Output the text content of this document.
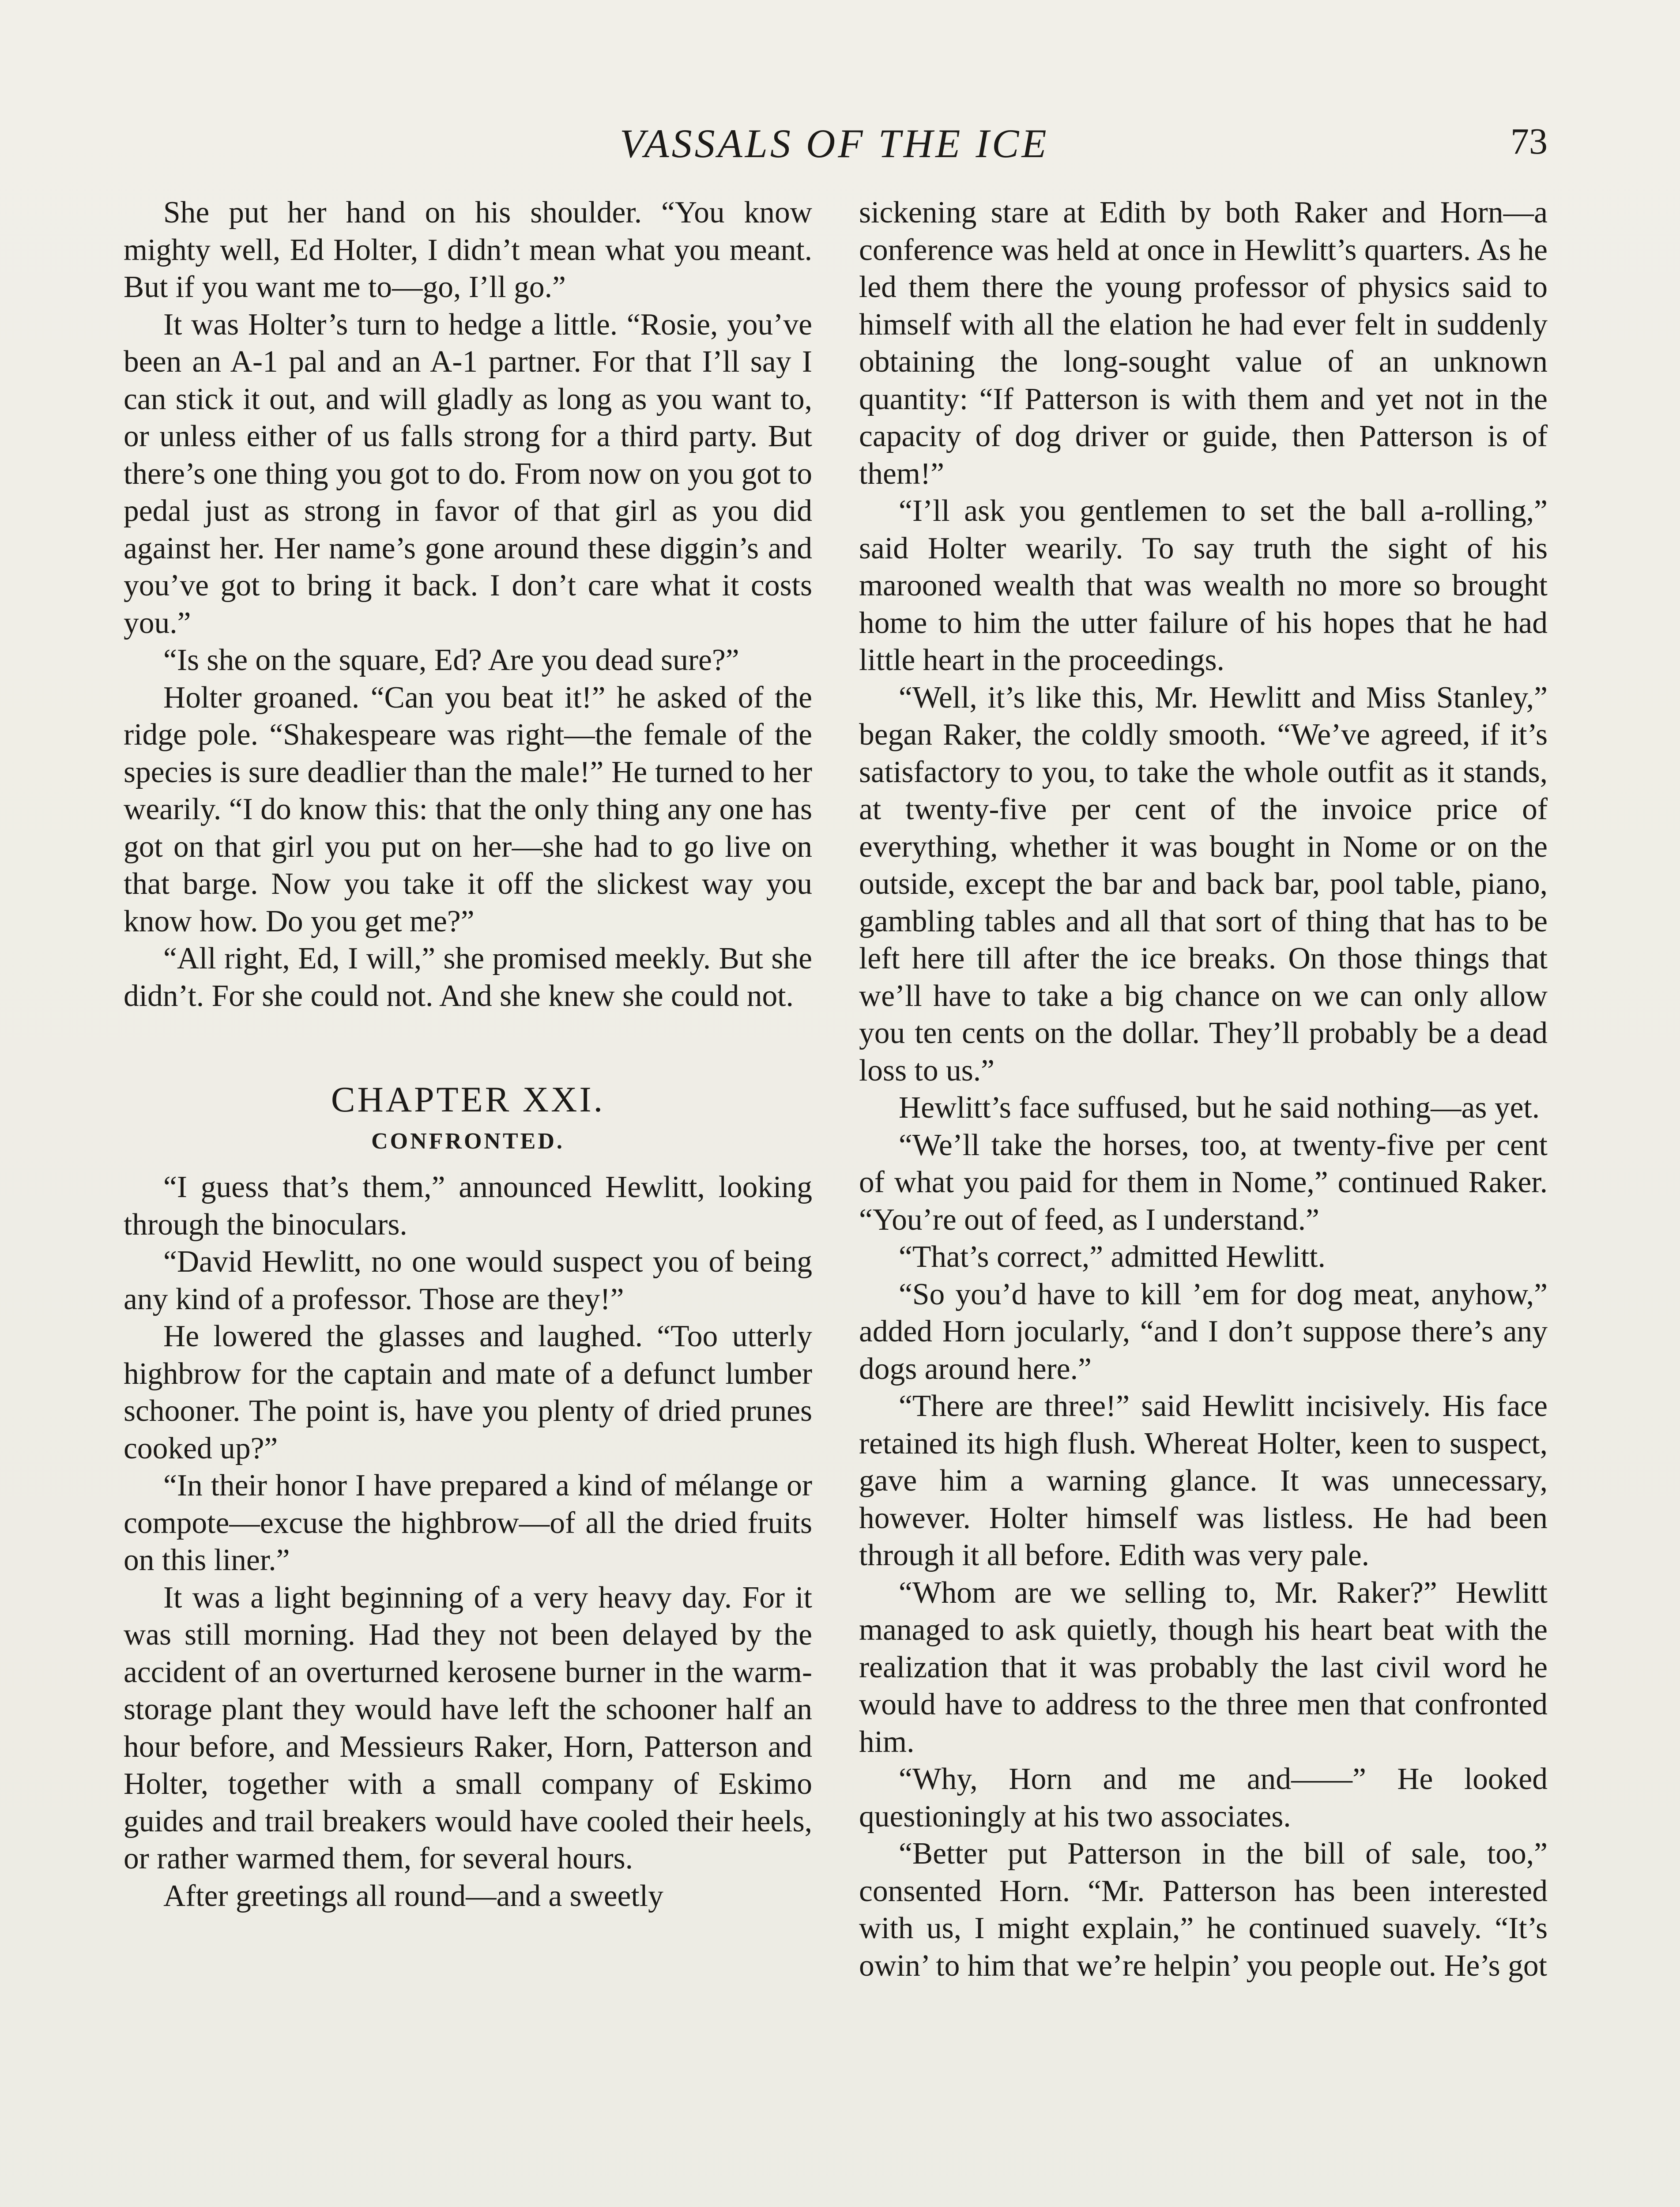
VASSALS OF THE ICE	73

She put her hand on his shoulder. “You know mighty well, Ed Holter, I didn’t mean what you meant. But if you want me to—go, I’ll go.”

It was Holter’s turn to hedge a little. “Rosie, you’ve been an A-1 pal and an A-1 partner. For that I’ll say I can stick it out, and will gladly as long as you want to, or unless either of us falls strong for a third party. But there’s one thing you got to do. From now on you got to pedal just as strong in favor of that girl as you did against her. Her name’s gone around these diggin’s and you’ve got to bring it back. I don’t care what it costs you.”

“Is she on the square, Ed? Are you dead sure?”

Holter groaned. “Can you beat it!” he asked of the ridge pole. “Shakespeare was right—the female of the species is sure deadlier than the male!” He turned to her wearily. “I do know this: that the only thing any one has got on that girl you put on her—she had to go live on that barge. Now you take it off the slickest way you know how. Do you get me?”

“All right, Ed, I will,” she promised meekly. But she didn’t. For she could not. And she knew she could not.

CHAPTER XXI.

CONFRONTED.

“I guess that’s them,” announced Hewlitt, looking through the binoculars.

“David Hewlitt, no one would suspect you of being any kind of a professor. Those are they!”

He lowered the glasses and laughed. “Too utterly highbrow for the captain and mate of a defunct lumber schooner. The point is, have you plenty of dried prunes cooked up?”

“In their honor I have prepared a kind of mélange or compote—excuse the highbrow—of all the dried fruits on this liner.”

It was a light beginning of a very heavy day. For it was still morning. Had they not been delayed by the accident of an overturned kerosene burner in the warm-storage plant they would have left the schooner half an hour before, and Messieurs Raker, Horn, Patterson and Holter, together with a small company of Eskimo guides and trail breakers would have cooled their heels, or rather warmed them, for several hours.

After greetings all round—and a sweetly

sickening stare at Edith by both Raker and Horn—a conference was held at once in Hewlitt’s quarters. As he led them there the young professor of physics said to himself with all the elation he had ever felt in suddenly obtaining the long-sought value of an unknown quantity: “If Patterson is with them and yet not in the capacity of dog driver or guide, then Patterson is of them!”

“I’ll ask you gentlemen to set the ball a-rolling,” said Holter wearily. To say truth the sight of his marooned wealth that was wealth no more so brought home to him the utter failure of his hopes that he had little heart in the proceedings.

“Well, it’s like this, Mr. Hewlitt and Miss Stanley,” began Raker, the coldly smooth. “We’ve agreed, if it’s satisfactory to you, to take the whole outfit as it stands, at twenty-five per cent of the invoice price of everything, whether it was bought in Nome or on the outside, except the bar and back bar, pool table, piano, gambling tables and all that sort of thing that has to be left here till after the ice breaks. On those things that we’ll have to take a big chance on we can only allow you ten cents on the dollar. They’ll probably be a dead loss to us.”

Hewlitt’s face suffused, but he said nothing—as yet.

“We’ll take the horses, too, at twenty-five per cent of what you paid for them in Nome,” continued Raker. “You’re out of feed, as I understand.”

“That’s correct,” admitted Hewlitt.

“So you’d have to kill ’em for dog meat, anyhow,” added Horn jocularly, “and I don’t suppose there’s any dogs around here.”

“There are three!” said Hewlitt incisively. His face retained its high flush. Whereat Holter, keen to suspect, gave him a warning glance. It was unnecessary, however. Holter himself was listless. He had been through it all before. Edith was very pale.

“Whom are we selling to, Mr. Raker?” Hewlitt managed to ask quietly, though his heart beat with the realization that it was probably the last civil word he would have to address to the three men that confronted him.

“Why, Horn and me and——” He looked questioningly at his two associates.

“Better put Patterson in the bill of sale, too,” consented Horn. “Mr. Patterson has been interested with us, I might explain,” he continued suavely. “It’s owin’ to him that we’re helpin’ you people out. He’s got
